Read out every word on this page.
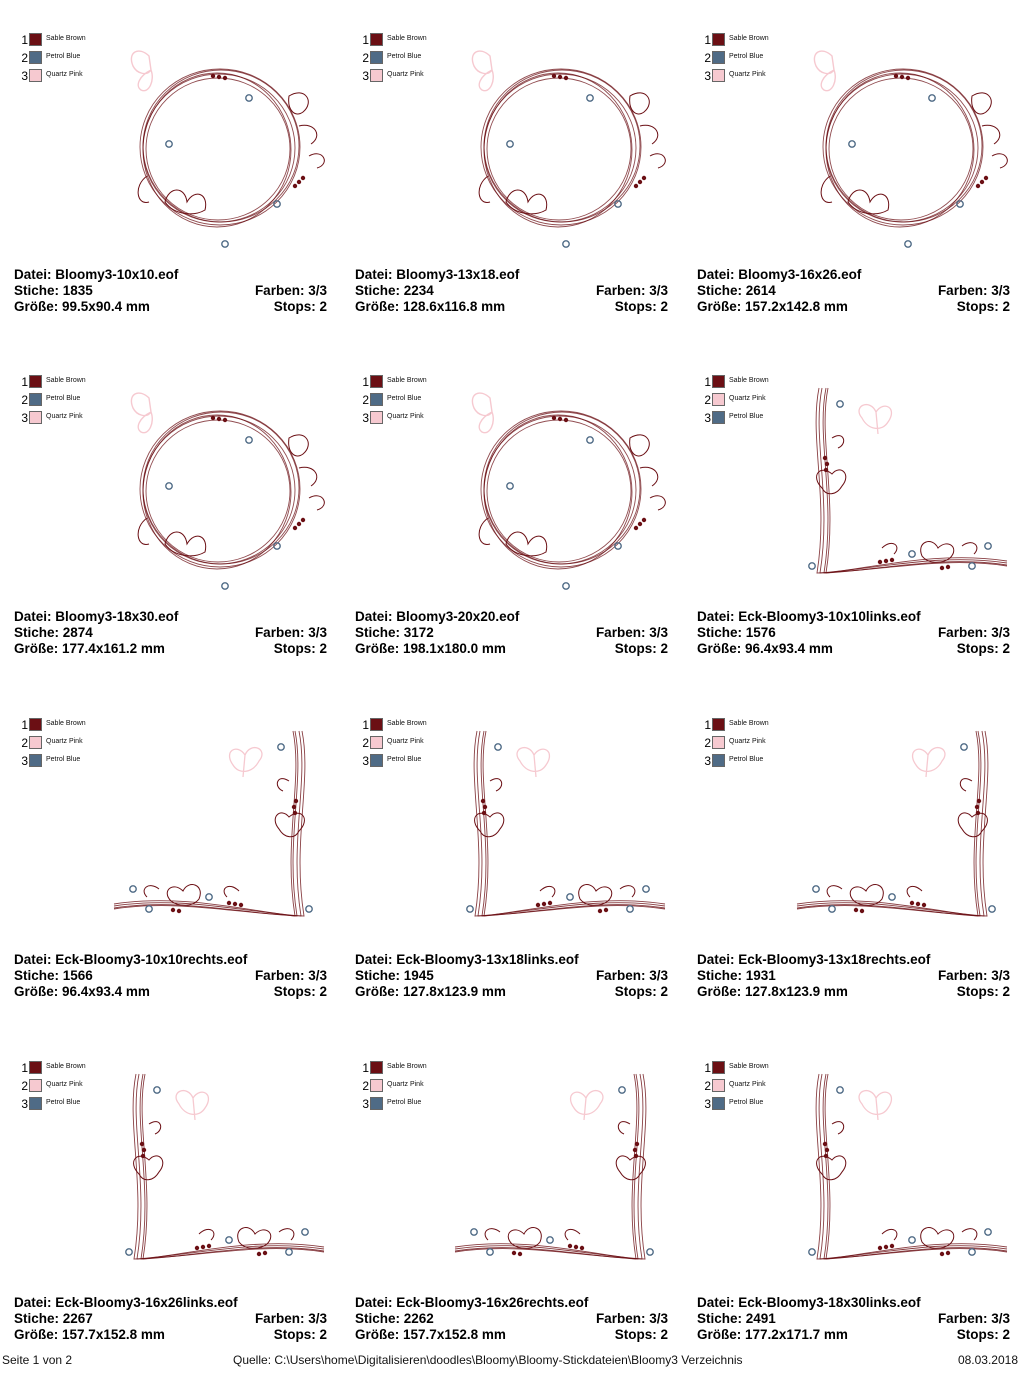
1	Sable Brown
2	Petrol Blue
3	Quartz Pink
Datei: Bloomy3-10x10.eof
Stiche: 1835	Farben: 3/3
Größe: 99.5x90.4 mm	Stops: 2
1	Sable Brown
2	Petrol Blue
3	Quartz Pink
Datei: Bloomy3-13x18.eof
Stiche: 2234	Farben: 3/3
Größe: 128.6x116.8 mm	Stops: 2
1	Sable Brown
2	Petrol Blue
3	Quartz Pink
Datei: Bloomy3-16x26.eof
Stiche: 2614	Farben: 3/3
Größe: 157.2x142.8 mm	Stops: 2
1	Sable Brown
2	Petrol Blue
3	Quartz Pink
Datei: Bloomy3-18x30.eof
Stiche: 2874	Farben: 3/3
Größe: 177.4x161.2 mm	Stops: 2
1	Sable Brown
2	Petrol Blue
3	Quartz Pink
Datei: Bloomy3-20x20.eof
Stiche: 3172	Farben: 3/3
Größe: 198.1x180.0 mm	Stops: 2
1	Sable Brown
2	Quartz Pink
3	Petrol Blue
Datei: Eck-Bloomy3-10x10links.eof
Stiche: 1576	Farben: 3/3
Größe: 96.4x93.4 mm	Stops: 2
1	Sable Brown
2	Quartz Pink
3	Petrol Blue
Datei: Eck-Bloomy3-10x10rechts.eof
Stiche: 1566	Farben: 3/3
Größe: 96.4x93.4 mm	Stops: 2
1	Sable Brown
2	Quartz Pink
3	Petrol Blue
Datei: Eck-Bloomy3-13x18links.eof
Stiche: 1945	Farben: 3/3
Größe: 127.8x123.9 mm	Stops: 2
1	Sable Brown
2	Quartz Pink
3	Petrol Blue
Datei: Eck-Bloomy3-13x18rechts.eof
Stiche: 1931	Farben: 3/3
Größe: 127.8x123.9 mm	Stops: 2
1	Sable Brown
2	Quartz Pink
3	Petrol Blue
Datei: Eck-Bloomy3-16x26links.eof
Stiche: 2267	Farben: 3/3
Größe: 157.7x152.8 mm	Stops: 2
1	Sable Brown
2	Quartz Pink
3	Petrol Blue
Datei: Eck-Bloomy3-16x26rechts.eof
Stiche: 2262	Farben: 3/3
Größe: 157.7x152.8 mm	Stops: 2
1	Sable Brown
2	Quartz Pink
3	Petrol Blue
Datei: Eck-Bloomy3-18x30links.eof
Stiche: 2491	Farben: 3/3
Größe: 177.2x171.7 mm	Stops: 2
Seite 1 von 2	Quelle: C:\Users\home\Digitalisieren\doodles\Bloomy\Bloomy-Stickdateien\Bloomy3 Verzeichnis	08.03.2018
